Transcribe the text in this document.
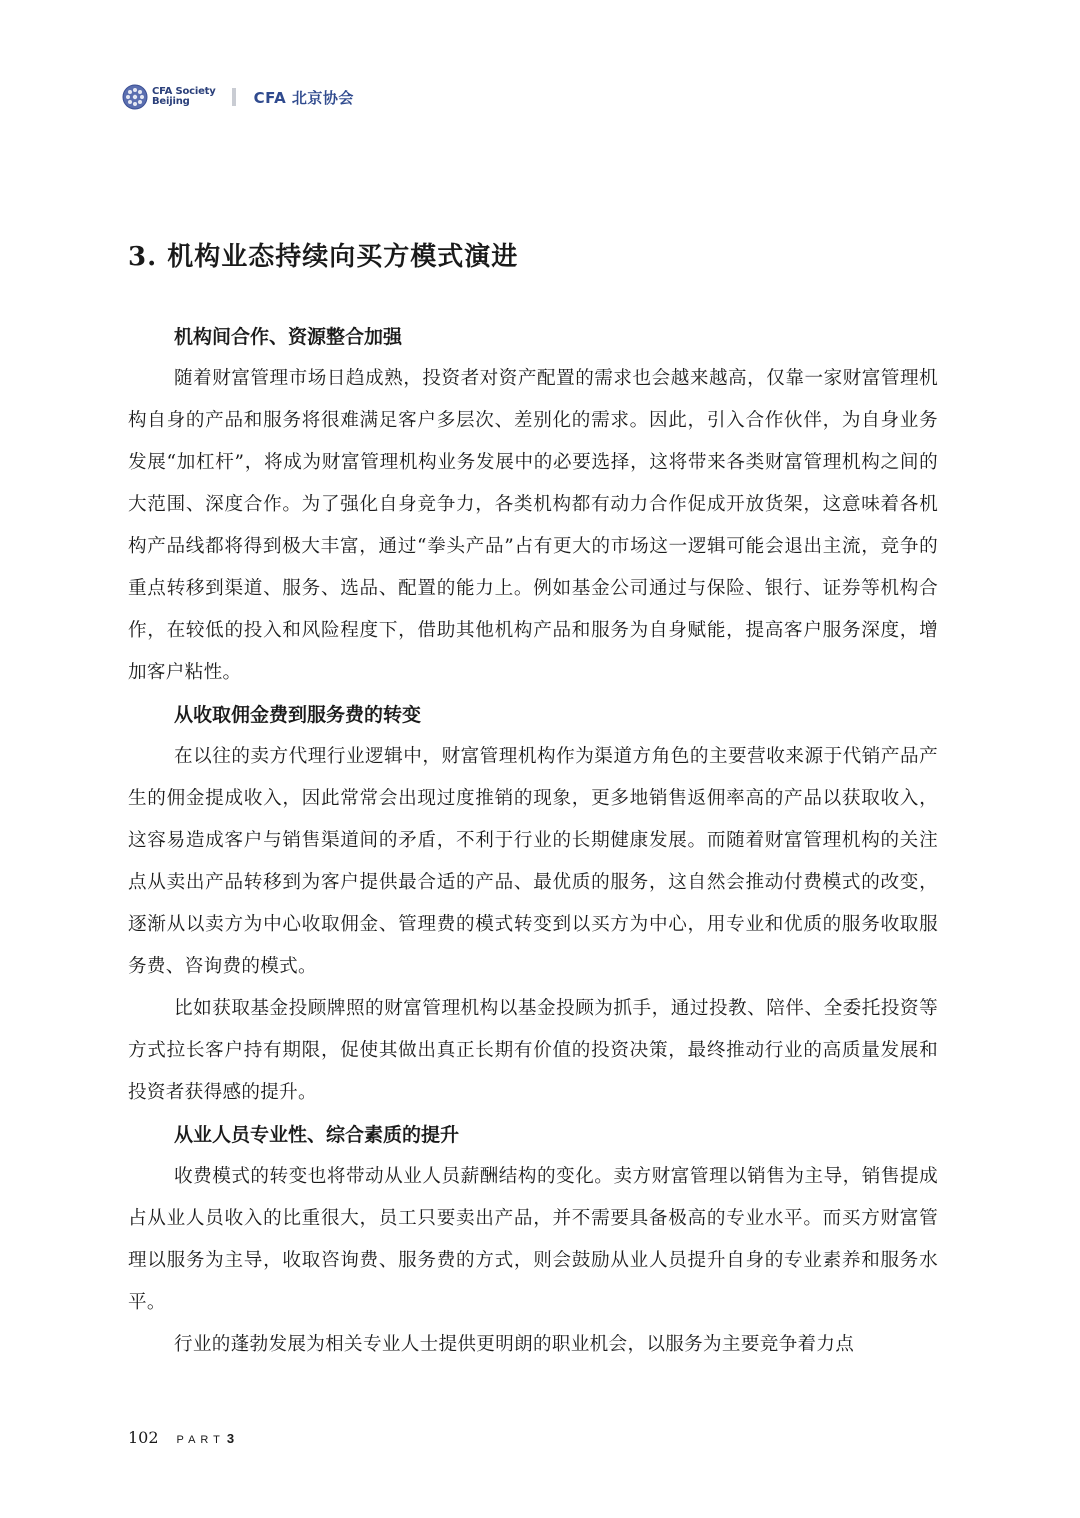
CFA Society
Beijing	CFA 北京协会
3. 机构业态持续向买方模式演进

机构间合作、资源整合加强

随着财富管理市场日趋成熟，投资者对资产配置的需求也会越来越高，仅靠一家财富管理机构自身的产品和服务将很难满足客户多层次、差别化的需求。因此，引入合作伙伴，为自身业务发展“加杠杆”，将成为财富管理机构业务发展中的必要选择，这将带来各类财富管理机构之间的大范围、深度合作。为了强化自身竞争力，各类机构都有动力合作促成开放货架，这意味着各机构产品线都将得到极大丰富，通过“拳头产品”占有更大的市场这一逻辑可能会退出主流，竞争的重点转移到渠道、服务、选品、配置的能力上。例如基金公司通过与保险、银行、证券等机构合作，在较低的投入和风险程度下，借助其他机构产品和服务为自身赋能，提高客户服务深度，增加客户粘性。

从收取佣金费到服务费的转变

在以往的卖方代理行业逻辑中，财富管理机构作为渠道方角色的主要营收来源于代销产品产生的佣金提成收入，因此常常会出现过度推销的现象，更多地销售返佣率高的产品以获取收入，这容易造成客户与销售渠道间的矛盾，不利于行业的长期健康发展。而随着财富管理机构的关注点从卖出产品转移到为客户提供最合适的产品、最优质的服务，这自然会推动付费模式的改变，逐渐从以卖方为中心收取佣金、管理费的模式转变到以买方为中心，用专业和优质的服务收取服务费、咨询费的模式。

比如获取基金投顾牌照的财富管理机构以基金投顾为抓手，通过投教、陪伴、全委托投资等方式拉长客户持有期限，促使其做出真正长期有价值的投资决策，最终推动行业的高质量发展和投资者获得感的提升。

从业人员专业性、综合素质的提升

收费模式的转变也将带动从业人员薪酬结构的变化。卖方财富管理以销售为主导，销售提成占从业人员收入的比重很大，员工只要卖出产品，并不需要具备极高的专业水平。而买方财富管理以服务为主导，收取咨询费、服务费的方式，则会鼓励从业人员提升自身的专业素养和服务水平。

行业的蓬勃发展为相关专业人士提供更明朗的职业机会，以服务为主要竞争着力点

102 PART 3
